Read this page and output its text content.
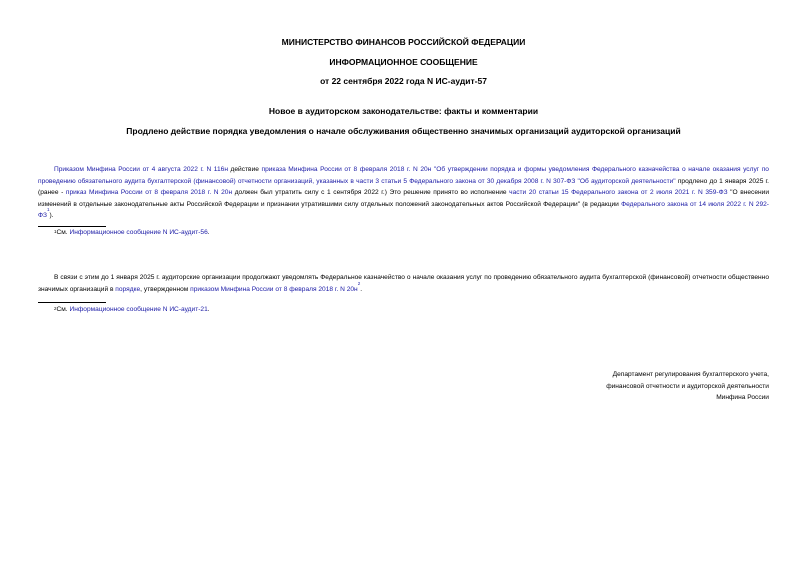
МИНИСТЕРСТВО ФИНАНСОВ РОССИЙСКОЙ ФЕДЕРАЦИИ
ИНФОРМАЦИОННОЕ СООБЩЕНИЕ
от 22 сентября 2022 года N ИС-аудит-57
Новое в аудиторском законодательстве: факты и комментарии
Продлено действие порядка уведомления о начале обслуживания общественно значимых организаций аудиторской организаций
Приказом Минфина России от 4 августа 2022 г. N 116н действие приказа Минфина России от 8 февраля 2018 г. N 20н "Об утверждении порядка и формы уведомления Федерального казначейства о начале оказания услуг по проведению обязательного аудита бухгалтерской (финансовой) отчетности организаций, указанных в части 3 статьи 5 Федерального закона от 30 декабря 2008 г. N 307-ФЗ "Об аудиторской деятельности" продлено до 1 января 2025 г. (ранее - приказ Минфина России от 8 февраля 2018 г. N 20н должен был утратить силу с 1 сентября 2022 г.) Это решение принято во исполнение части 20 статьи 15 Федерального закона от 2 июля 2021 г. N 359-ФЗ "О внесении изменений в отдельные законодательные акты Российской Федерации и признании утратившими силу отдельных положений законодательных актов Российской Федерации" (в редакции Федерального закона от 14 июля 2022 г. N 292-ФЗ$^1$).
$^1$См. Информационное сообщение N ИС-аудит-56.
В связи с этим до 1 января 2025 г. аудиторские организации продолжают уведомлять Федеральное казначейство о начале оказания услуг по проведению обязательного аудита бухгалтерской (финансовой) отчетности общественно значимых организаций в порядке, утвержденном приказом Минфина России от 8 февраля 2018 г. N 20н$^2$.
$^2$См. Информационное сообщение N ИС-аудит-21.
Департамент регулирования бухгалтерского учета,
финансовой отчетности и аудиторской деятельности
Минфина России
